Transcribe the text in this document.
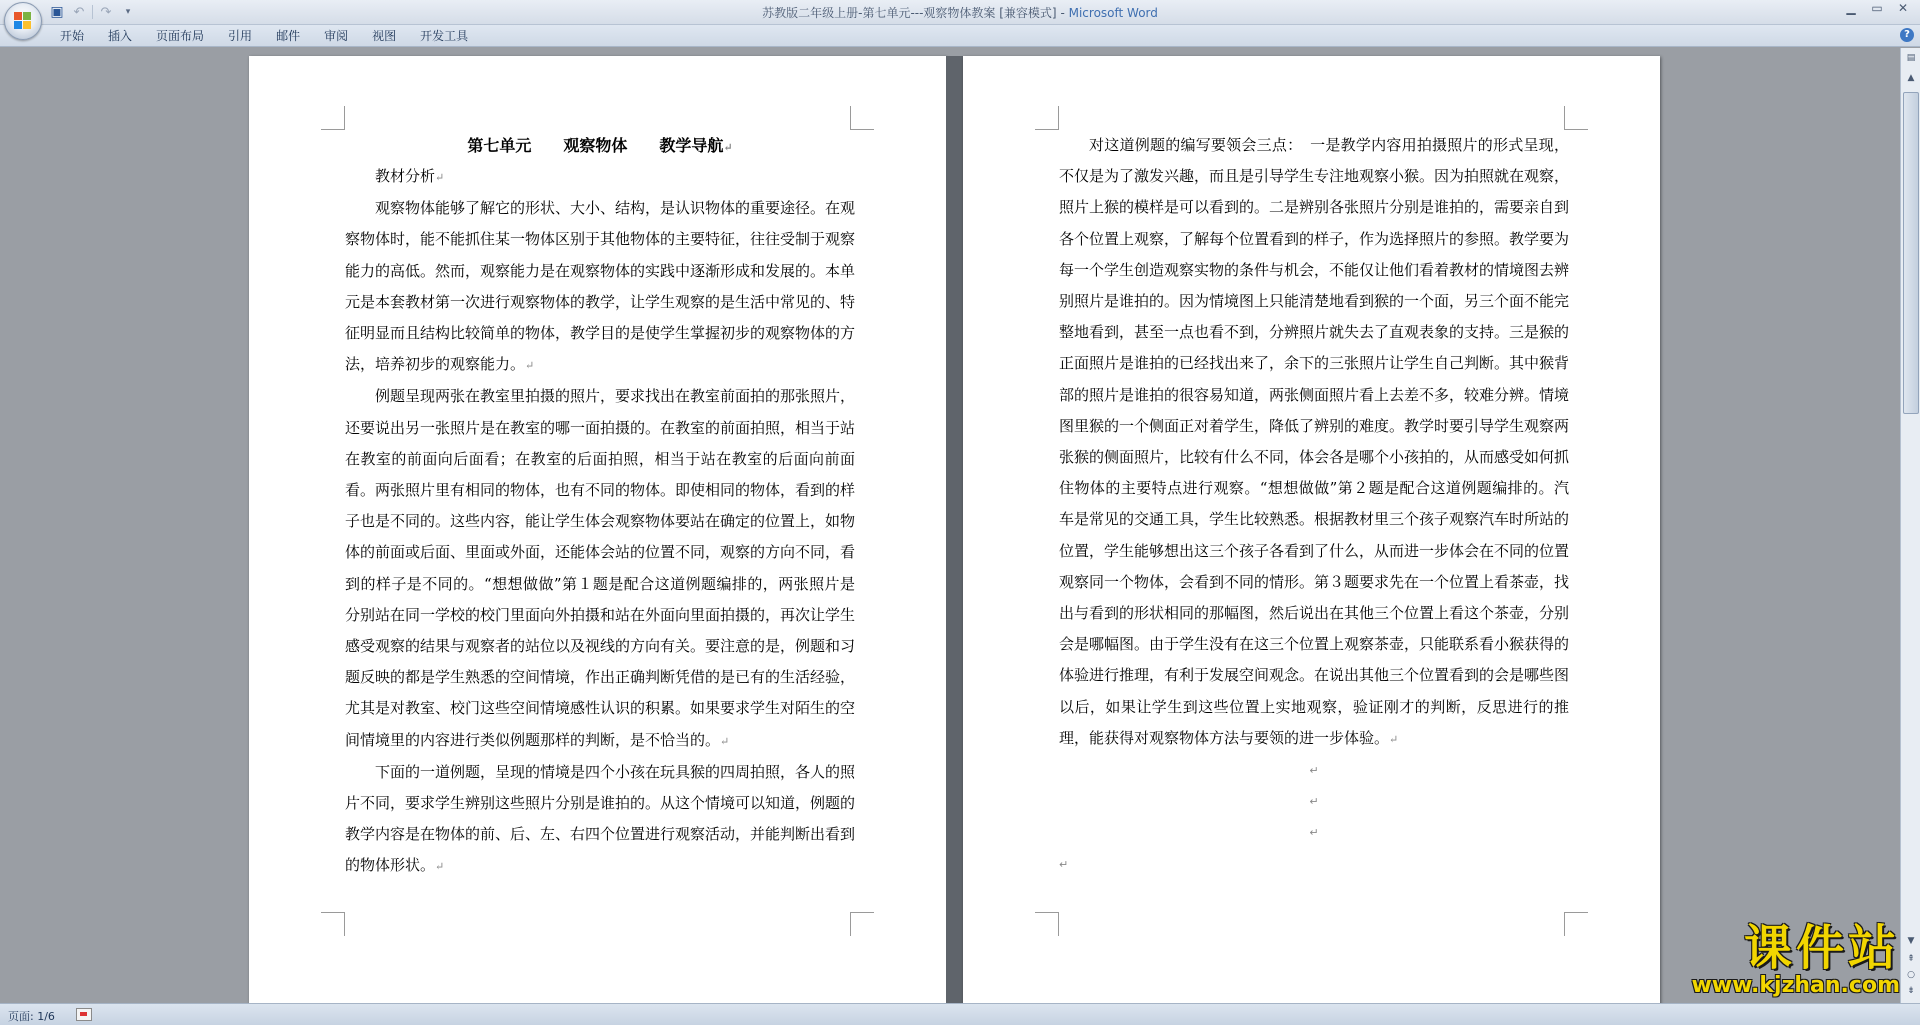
▣ ↶ ↷	▾	苏教版二年级上册-第七单元---观察物体教案 [兼容模式] - Microsoft Word	▁	▭	✕
开始	插入	页面布局	引用	邮件	审阅	视图	开发工具	?
第七单元　　观察物体　　教学导航↵
教材分析↵
观察物体能够了解它的形状、大小、结构，是认识物体的重要途径。在观察物体时，能不能抓住某一物体区别于其他物体的主要特征，往往受制于观察能力的高低。然而，观察能力是在观察物体的实践中逐渐形成和发展的。本单元是本套教材第一次进行观察物体的教学，让学生观察的是生活中常见的、特征明显而且结构比较简单的物体，教学目的是使学生掌握初步的观察物体的方法，培养初步的观察能力。↵
例题呈现两张在教室里拍摄的照片，要求找出在教室前面拍的那张照片，还要说出另一张照片是在教室的哪一面拍摄的。在教室的前面拍照，相当于站在教室的前面向后面看；在教室的后面拍照，相当于站在教室的后面向前面看。两张照片里有相同的物体，也有不同的物体。即使相同的物体，看到的样子也是不同的。这些内容，能让学生体会观察物体要站在确定的位置上，如物体的前面或后面、里面或外面，还能体会站的位置不同，观察的方向不同，看到的样子是不同的。“想想做做”第１题是配合这道例题编排的，两张照片是分别站在同一学校的校门里面向外拍摄和站在外面向里面拍摄的，再次让学生感受观察的结果与观察者的站位以及视线的方向有关。要注意的是，例题和习题反映的都是学生熟悉的空间情境，作出正确判断凭借的是已有的生活经验，尤其是对教室、校门这些空间情境感性认识的积累。如果要求学生对陌生的空间情境里的内容进行类似例题那样的判断，是不恰当的。↵
下面的一道例题，呈现的情境是四个小孩在玩具猴的四周拍照，各人的照片不同，要求学生辨别这些照片分别是谁拍的。从这个情境可以知道，例题的教学内容是在物体的前、后、左、右四个位置进行观察活动，并能判断出看到的物体形状。↵
对这道例题的编写要领会三点：　一是教学内容用拍摄照片的形式呈现，不仅是为了激发兴趣，而且是引导学生专注地观察小猴。因为拍照就在观察，照片上猴的模样是可以看到的。二是辨别各张照片分别是谁拍的，需要亲自到各个位置上观察，了解每个位置看到的样子，作为选择照片的参照。教学要为每一个学生创造观察实物的条件与机会，不能仅让他们看着教材的情境图去辨别照片是谁拍的。因为情境图上只能清楚地看到猴的一个面，另三个面不能完整地看到，甚至一点也看不到，分辨照片就失去了直观表象的支持。三是猴的正面照片是谁拍的已经找出来了，余下的三张照片让学生自己判断。其中猴背部的照片是谁拍的很容易知道，两张侧面照片看上去差不多，较难分辨。情境图里猴的一个侧面正对着学生，降低了辨别的难度。教学时要引导学生观察两张猴的侧面照片，比较有什么不同，体会各是哪个小孩拍的，从而感受如何抓住物体的主要特点进行观察。“想想做做”第２题是配合这道例题编排的。汽车是常见的交通工具，学生比较熟悉。根据教材里三个孩子观察汽车时所站的位置，学生能够想出这三个孩子各看到了什么，从而进一步体会在不同的位置观察同一个物体，会看到不同的情形。第３题要求先在一个位置上看茶壶，找出与看到的形状相同的那幅图，然后说出在其他三个位置上看这个茶壶，分别会是哪幅图。由于学生没有在这三个位置上观察茶壶，只能联系看小猴获得的体验进行推理，有利于发展空间观念。在说出其他三个位置看到的会是哪些图以后，如果让学生到这些位置上实地观察，验证刚才的判断，反思进行的推理，能获得对观察物体方法与要领的进一步体验。↵
↵
↵
↵
↵
▤
▲
▼
⇞
○
⇟
课件站
www.kjzhan.com
页面: 1/6
